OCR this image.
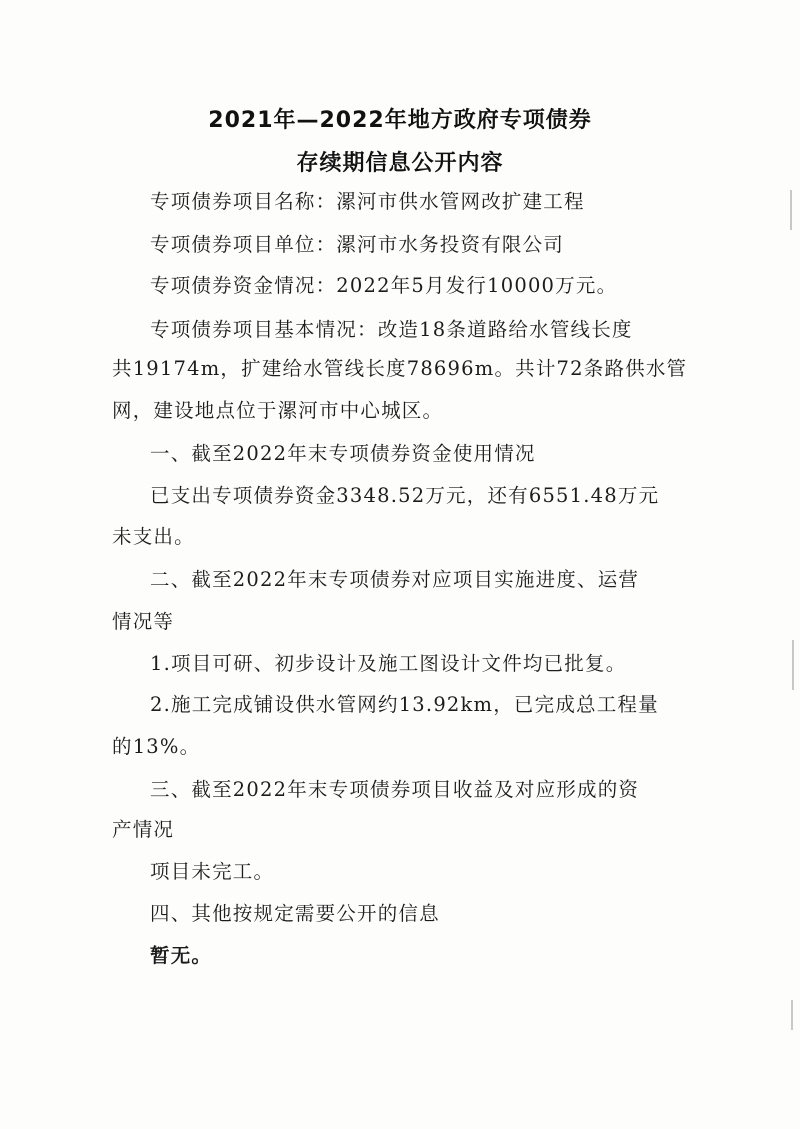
2021年—2022年地方政府专项债券
存续期信息公开内容
专项债券项目名称：漯河市供水管网改扩建工程
专项债券项目单位：漯河市水务投资有限公司
专项债券资金情况：2022年5月发行10000万元。
专项债券项目基本情况：改造18条道路给水管线长度
共19174m，扩建给水管线长度78696m。共计72条路供水管
网，建设地点位于漯河市中心城区。
一、截至2022年末专项债券资金使用情况
已支出专项债券资金3348.52万元，还有6551.48万元
未支出。
二、截至2022年末专项债券对应项目实施进度、运营
情况等
1.项目可研、初步设计及施工图设计文件均已批复。
2.施工完成铺设供水管网约13.92km，已完成总工程量
的13%。
三、截至2022年末专项债券项目收益及对应形成的资
产情况
项目未完工。
四、其他按规定需要公开的信息
暂无。
